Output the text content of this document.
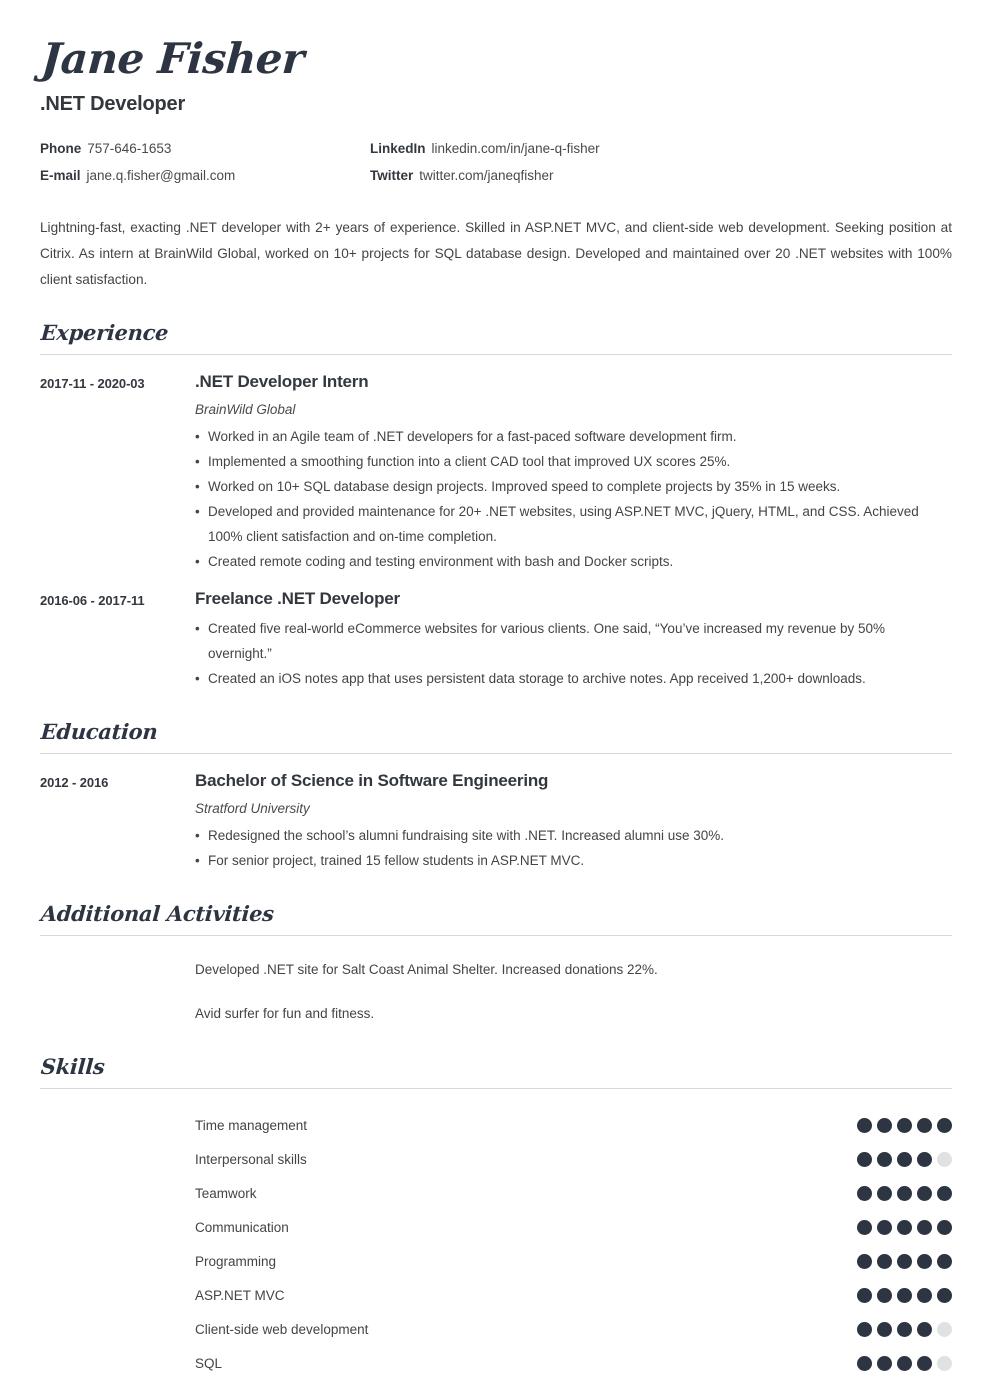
Jane Fisher
.NET Developer
Phone 757-646-1653	LinkedIn linkedin.com/in/jane-q-fisher
E-mail jane.q.fisher@gmail.com	Twitter twitter.com/janeqfisher
Lightning-fast, exacting .NET developer with 2+ years of experience. Skilled in ASP.NET MVC, and client-side web development. Seeking position at Citrix. As intern at BrainWild Global, worked on 10+ projects for SQL database design. Developed and maintained over 20 .NET websites with 100% client satisfaction.
Experience
2017-11 - 2020-03	.NET Developer Intern
BrainWild Global
• Worked in an Agile team of .NET developers for a fast-paced software development firm.
• Implemented a smoothing function into a client CAD tool that improved UX scores 25%.
• Worked on 10+ SQL database design projects. Improved speed to complete projects by 35% in 15 weeks.
• Developed and provided maintenance for 20+ .NET websites, using ASP.NET MVC, jQuery, HTML, and CSS. Achieved 100% client satisfaction and on-time completion.
• Created remote coding and testing environment with bash and Docker scripts.
2016-06 - 2017-11	Freelance .NET Developer
• Created five real-world eCommerce websites for various clients. One said, “You’ve increased my revenue by 50% overnight.”
• Created an iOS notes app that uses persistent data storage to archive notes. App received 1,200+ downloads.
Education
2012 - 2016	Bachelor of Science in Software Engineering
Stratford University
• Redesigned the school’s alumni fundraising site with .NET. Increased alumni use 30%.
• For senior project, trained 15 fellow students in ASP.NET MVC.
Additional Activities
Developed .NET site for Salt Coast Animal Shelter. Increased donations 22%.
Avid surfer for fun and fitness.
Skills
Time management
Interpersonal skills
Teamwork
Communication
Programming
ASP.NET MVC
Client-side web development
SQL
